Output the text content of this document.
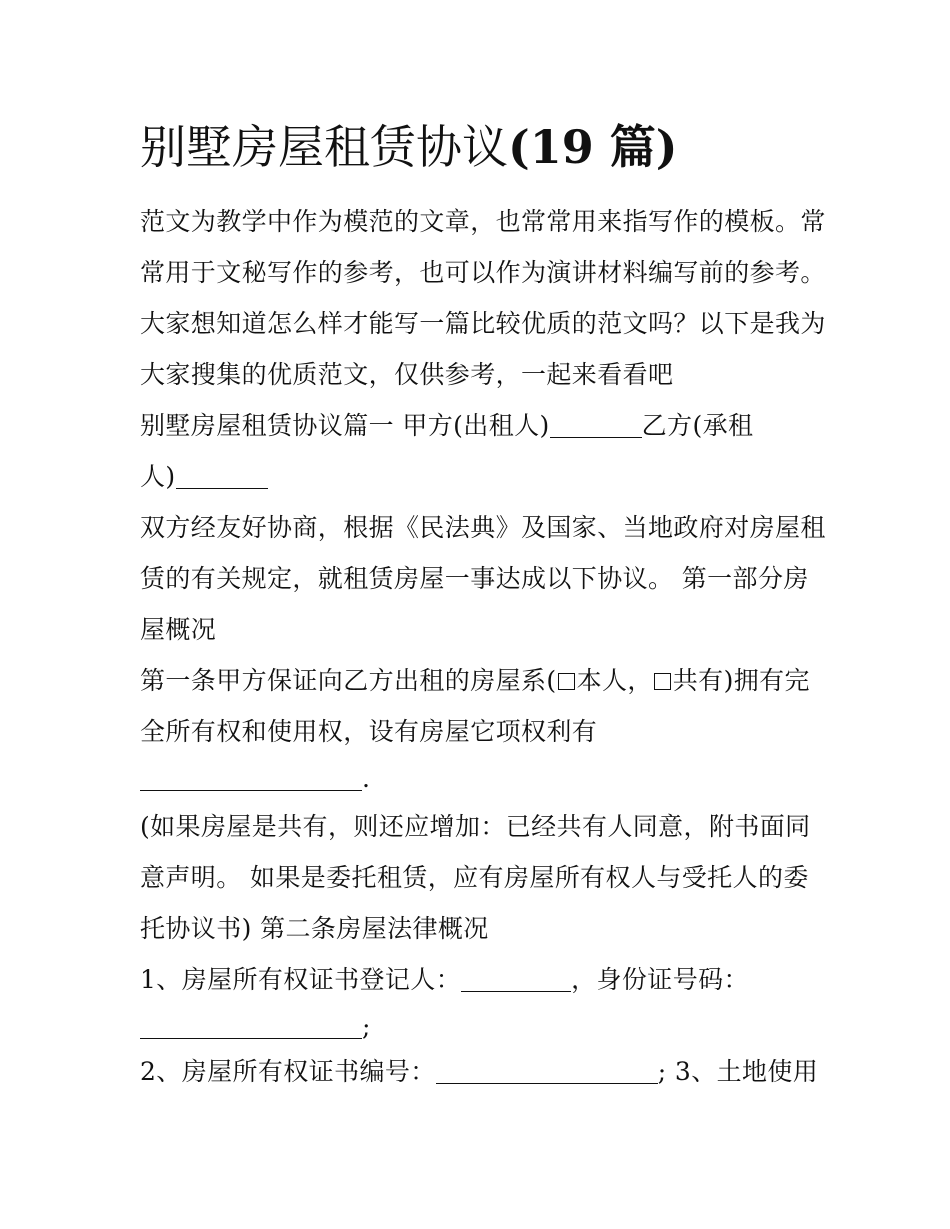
别墅房屋租赁协议(19 篇)
范文为教学中作为模范的文章，也常常用来指写作的模板。常
常用于文秘写作的参考，也可以作为演讲材料编写前的参考。
大家想知道怎么样才能写一篇比较优质的范文吗？以下是我为
大家搜集的优质范文，仅供参考，一起来看看吧
别墅房屋租赁协议篇一 甲方(出租人)	乙方(承租
人)
双方经友好协商，根据《民法典》及国家、当地政府对房屋租
赁的有关规定，就租赁房屋一事达成以下协议。 第一部分房
屋概况
第一条甲方保证向乙方出租的房屋系( 本人， 共有)拥有完
全所有权和使用权，设有房屋它项权利有
.
(如果房屋是共有，则还应增加：已经共有人同意，附书面同
意声明。 如果是委托租赁，应有房屋所有权人与受托人的委
托协议书) 第二条房屋法律概况
1、房屋所有权证书登记人：	，身份证号码：
;
2、房屋所有权证书编号：	; 3、土地使用
